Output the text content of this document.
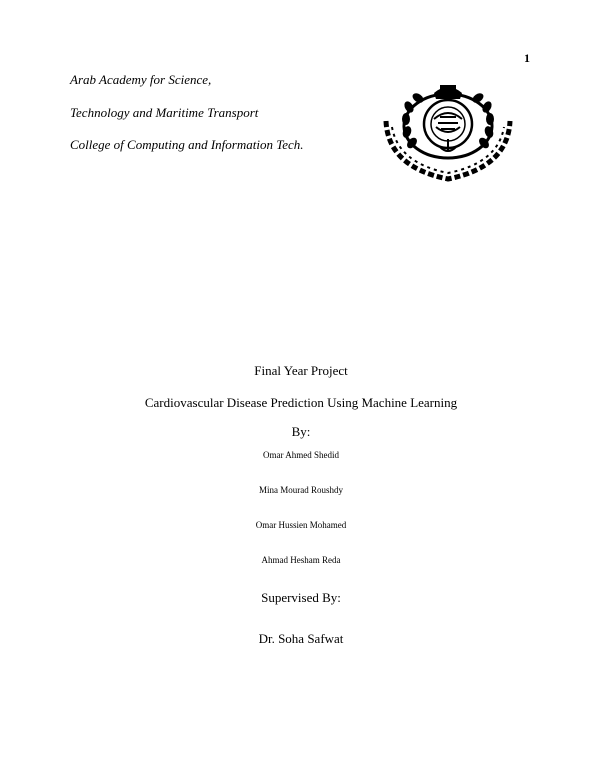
1
Arab Academy for Science,
Technology and Maritime Transport
College of Computing and Information Tech.
Final Year Project
Cardiovascular Disease Prediction Using Machine Learning
By:
Omar Ahmed Shedid
Mina Mourad Roushdy
Omar Hussien Mohamed
Ahmad Hesham Reda
Supervised By:
Dr. Soha Safwat
